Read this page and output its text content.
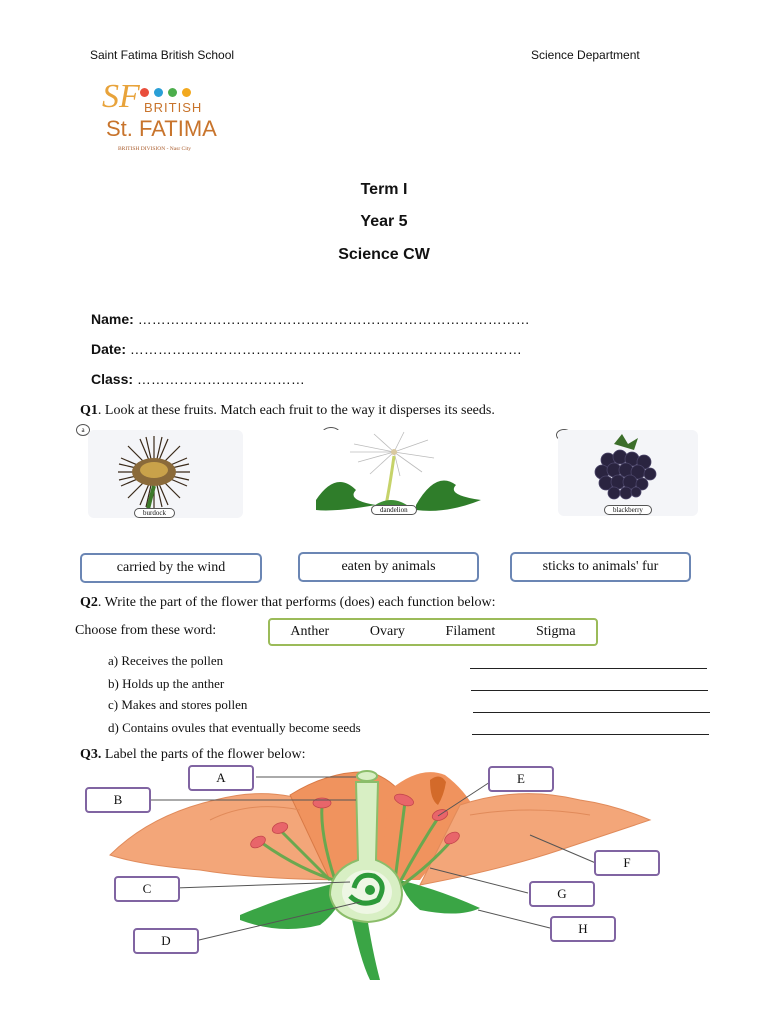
Saint Fatima British School	Science Department
SF BRITISH
St. FATIMA
BRITISH DIVISION - Nasr City
Term I
Year 5
Science CW
Name: …………………………………………………………………………
Date: …………………………………………………………………………
Class: ………………………………
Q1. Look at these fruits. Match each fruit to the way it disperses its seeds.
a
burdock	dandelion	blackberry
carried by the wind	eaten by animals	sticks to animals' fur
Q2. Write the part of the flower that performs (does) each function below:
Choose from these word:	Anther	Ovary	Filament	Stigma
a) Receives the pollen
b) Holds up the anther
c) Makes and stores pollen
d) Contains ovules that eventually become seeds
Q3. Label the parts of the flower below:
A
B
C
D
E
F
G
H
